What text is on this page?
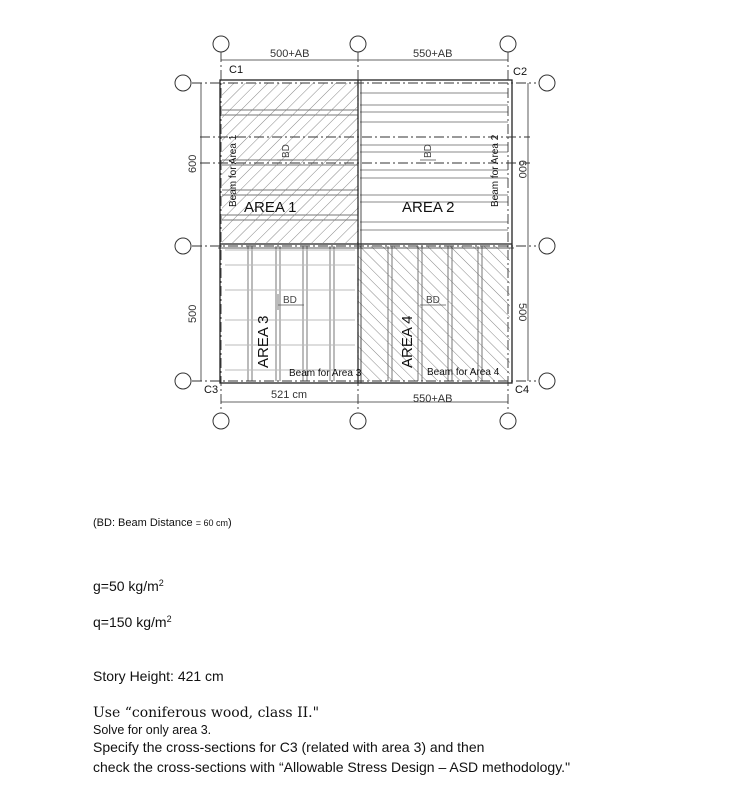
500+AB	550+AB
521 cm	550+AB
600
500
600
500
C1	C2
C3	C4
AREA 1	AREA 2
AREA 3	AREA 4
Beam for Area 1	Beam for Area 2
Beam for Area 3	Beam for Area 4
BD	BD
BD	BD
(BD: Beam Distance = 60 cm)
g=50 $kg/m^2$
q=150 $kg/m^2$
Story Height: 421 cm
Use “coniferous wood, class II."
Solve for only area 3.
Specify the cross-sections for C3 (related with area 3) and then
check the cross-sections with “Allowable Stress Design – ASD methodology."
